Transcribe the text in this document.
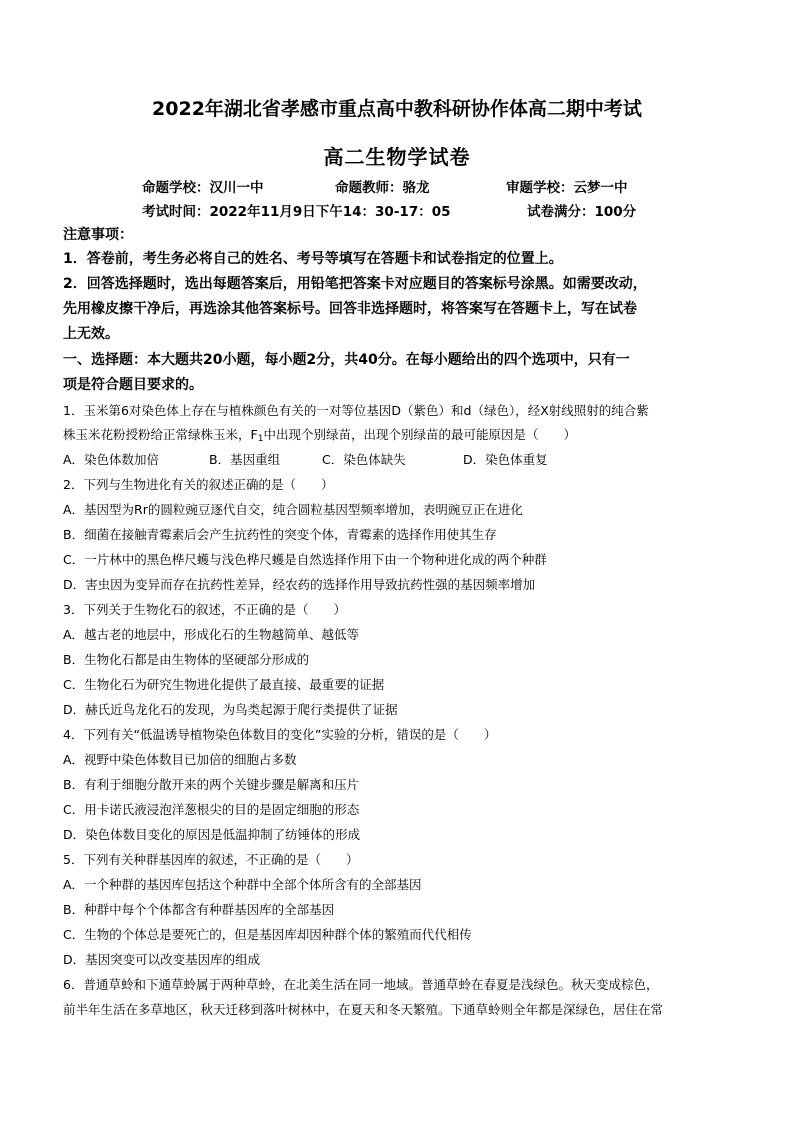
2022年湖北省孝感市重点高中教科研协作体高二期中考试
高二生物学试卷
命题学校：汉川一中	命题教师：骆龙	审题学校：云梦一中
考试时间：2022年11月9日下午14：30-17：05	试卷满分：100分
注意事项：
1．答卷前，考生务必将自己的姓名、考号等填写在答题卡和试卷指定的位置上。
2．回答选择题时，选出每题答案后，用铅笔把答案卡对应题目的答案标号涂黑。如需要改动，
先用橡皮擦干净后，再选涂其他答案标号。回答非选择题时，将答案写在答题卡上，写在试卷
上无效。
一、选择题：本大题共20小题，每小题2分，共40分。在每小题给出的四个选项中，只有一
项是符合题目要求的。
1．玉米第6对染色体上存在与植株颜色有关的一对等位基因D（紫色）和d（绿色），经X射线照射的纯合紫
株玉米花粉授粉给正常绿株玉米，$F_1$中出现个别绿苗，出现个别绿苗的最可能原因是（　　）
A．染色体数加倍	B．基因重组	C．染色体缺失	D．染色体重复
2．下列与生物进化有关的叙述正确的是（　　）
A．基因型为Rr的圆粒豌豆逐代自交，纯合圆粒基因型频率增加，表明豌豆正在进化
B．细菌在接触青霉素后会产生抗药性的突变个体，青霉素的选择作用使其生存
C．一片林中的黑色桦尺蠖与浅色桦尺蠖是自然选择作用下由一个物种进化成的两个种群
D．害虫因为变异而存在抗药性差异，经农药的选择作用导致抗药性强的基因频率增加
3．下列关于生物化石的叙述，不正确的是（　　）
A．越古老的地层中，形成化石的生物越简单、越低等
B．生物化石都是由生物体的坚硬部分形成的
C．生物化石为研究生物进化提供了最直接、最重要的证据
D．赫氏近鸟龙化石的发现，为鸟类起源于爬行类提供了证据
4．下列有关“低温诱导植物染色体数目的变化”实验的分析，错误的是（　　）
A．视野中染色体数目已加倍的细胞占多数
B．有利于细胞分散开来的两个关键步骤是解离和压片
C．用卡诺氏液浸泡洋葱根尖的目的是固定细胞的形态
D．染色体数目变化的原因是低温抑制了纺锤体的形成
5．下列有关种群基因库的叙述，不正确的是（　　）
A．一个种群的基因库包括这个种群中全部个体所含有的全部基因
B．种群中每个个体都含有种群基因库的全部基因
C．生物的个体总是要死亡的，但是基因库却因种群个体的繁殖而代代相传
D．基因突变可以改变基因库的组成
6．普通草蛉和下通草蛉属于两种草蛉，在北美生活在同一地域。普通草蛉在春夏是浅绿色。秋天变成棕色，
前半年生活在多草地区，秋天迁移到落叶树林中，在夏天和冬天繁殖。下通草蛉则全年都是深绿色，居住在常
